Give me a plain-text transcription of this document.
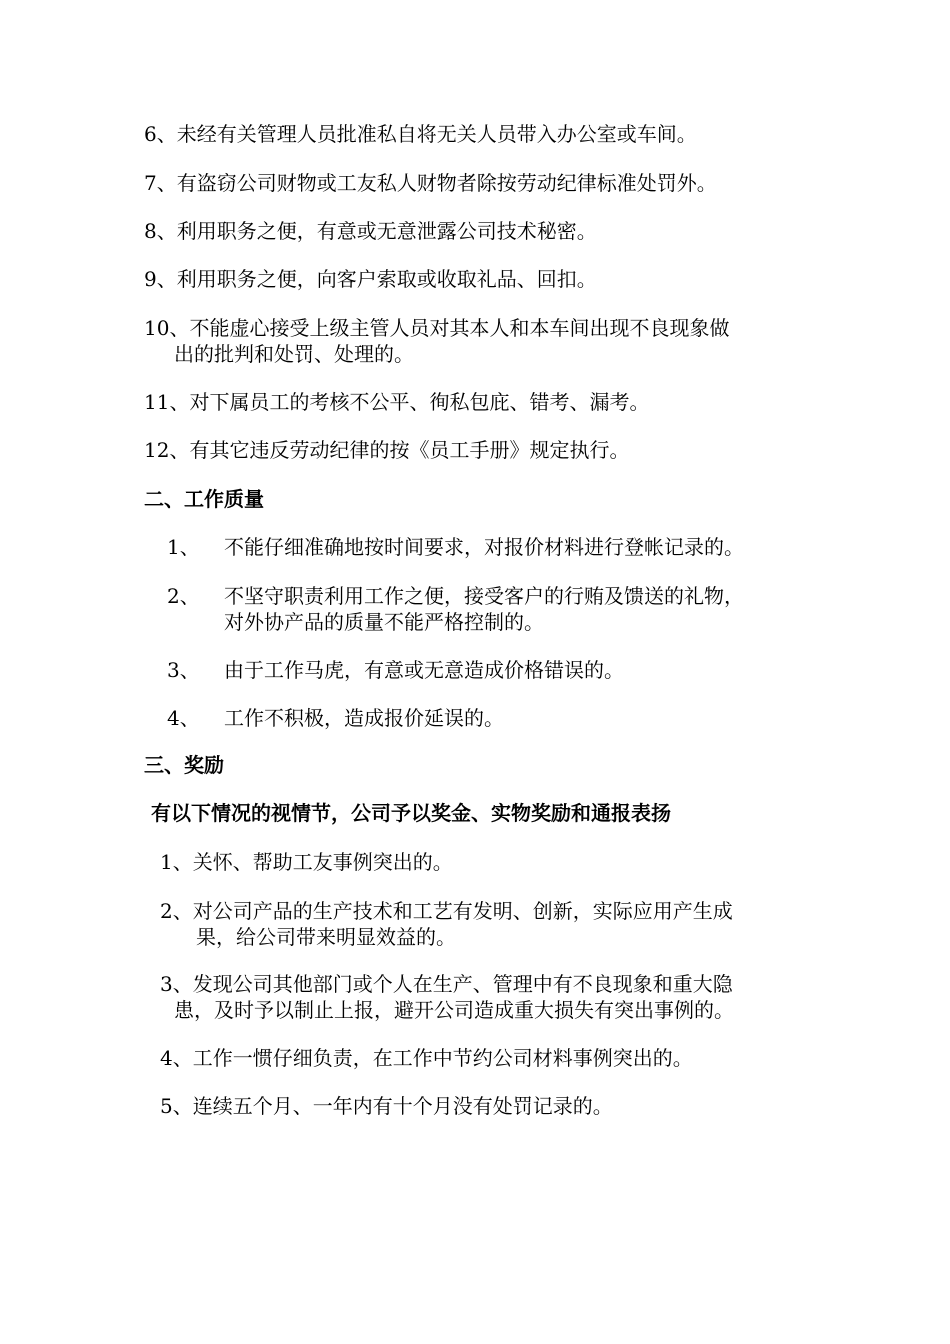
6、未经有关管理人员批准私自将无关人员带入办公室或车间。
7、有盗窃公司财物或工友私人财物者除按劳动纪律标准处罚外。
8、利用职务之便，有意或无意泄露公司技术秘密。
9、利用职务之便，向客户索取或收取礼品、回扣。
10、不能虚心接受上级主管人员对其本人和本车间出现不良现象做
出的批判和处罚、处理的。
11、对下属员工的考核不公平、徇私包庇、错考、漏考。
12、有其它违反劳动纪律的按《员工手册》规定执行。
二、工作质量
1、 不能仔细准确地按时间要求，对报价材料进行登帐记录的。
2、 不坚守职责利用工作之便，接受客户的行贿及馈送的礼物，
对外协产品的质量不能严格控制的。
3、 由于工作马虎，有意或无意造成价格错误的。
4、 工作不积极，造成报价延误的。
三、奖励
有以下情况的视情节，公司予以奖金、实物奖励和通报表扬
1、关怀、帮助工友事例突出的。
2、对公司产品的生产技术和工艺有发明、创新，实际应用产生成
果，给公司带来明显效益的。
3、发现公司其他部门或个人在生产、管理中有不良现象和重大隐
患，及时予以制止上报，避开公司造成重大损失有突出事例的。
4、工作一惯仔细负责，在工作中节约公司材料事例突出的。
5、连续五个月、一年内有十个月没有处罚记录的。
